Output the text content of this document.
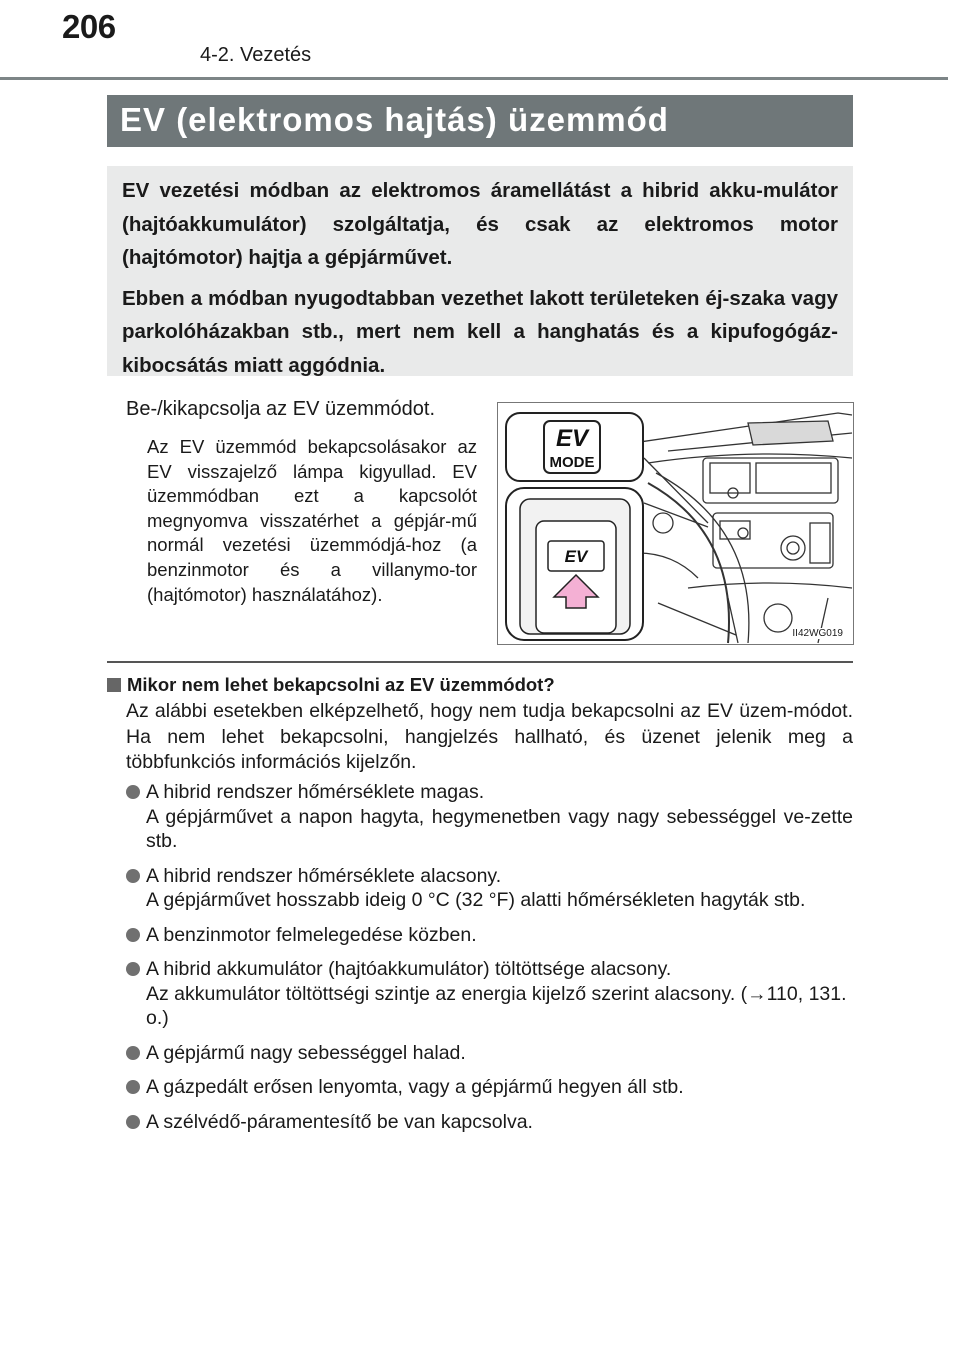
206
4-2. Vezetés
EV (elektromos hajtás) üzemmód

EV vezetési módban az elektromos áramellátást a hibrid akku-mulátor (hajtóakkumulátor) szolgáltatja, és csak az elektromos motor (hajtómotor) hajtja a gépjárművet.

Ebben a módban nyugodtabban vezethet lakott területeken éj-szaka vagy parkolóházakban stb., mert nem kell a hanghatás és a kipufogógáz-kibocsátás miatt aggódnia.

Be-/kikapcsolja az EV üzemmódot.

Az EV üzemmód bekapcsolásakor az EV visszajelző lámpa kigyullad. EV üzemmódban ezt a kapcsolót megnyomva visszatérhet a gépjár-mű normál vezetési üzemmódjá-hoz (a benzinmotor és a villanymo-tor (hajtómotor) használatához).

EV
MODE
EV
II42WG019
Mikor nem lehet bekapcsolni az EV üzemmódot?

Az alábbi esetekben elképzelhető, hogy nem tudja bekapcsolni az EV üzem-módot. Ha nem lehet bekapcsolni, hangjelzés hallható, és üzenet jelenik meg a többfunkciós információs kijelzőn.

A hibrid rendszer hőmérséklete magas.
A gépjárművet a napon hagyta, hegymenetben vagy nagy sebességgel ve-zette stb.
A hibrid rendszer hőmérséklete alacsony.
A gépjárművet hosszabb ideig 0 °C (32 °F) alatti hőmérsékleten hagyták stb.
A benzinmotor felmelegedése közben.
A hibrid akkumulátor (hajtóakkumulátor) töltöttsége alacsony.
Az akkumulátor töltöttségi szintje az energia kijelző szerint alacsony. (→110, 131. o.)
A gépjármű nagy sebességgel halad.
A gázpedált erősen lenyomta, vagy a gépjármű hegyen áll stb.
A szélvédő-páramentesítő be van kapcsolva.
